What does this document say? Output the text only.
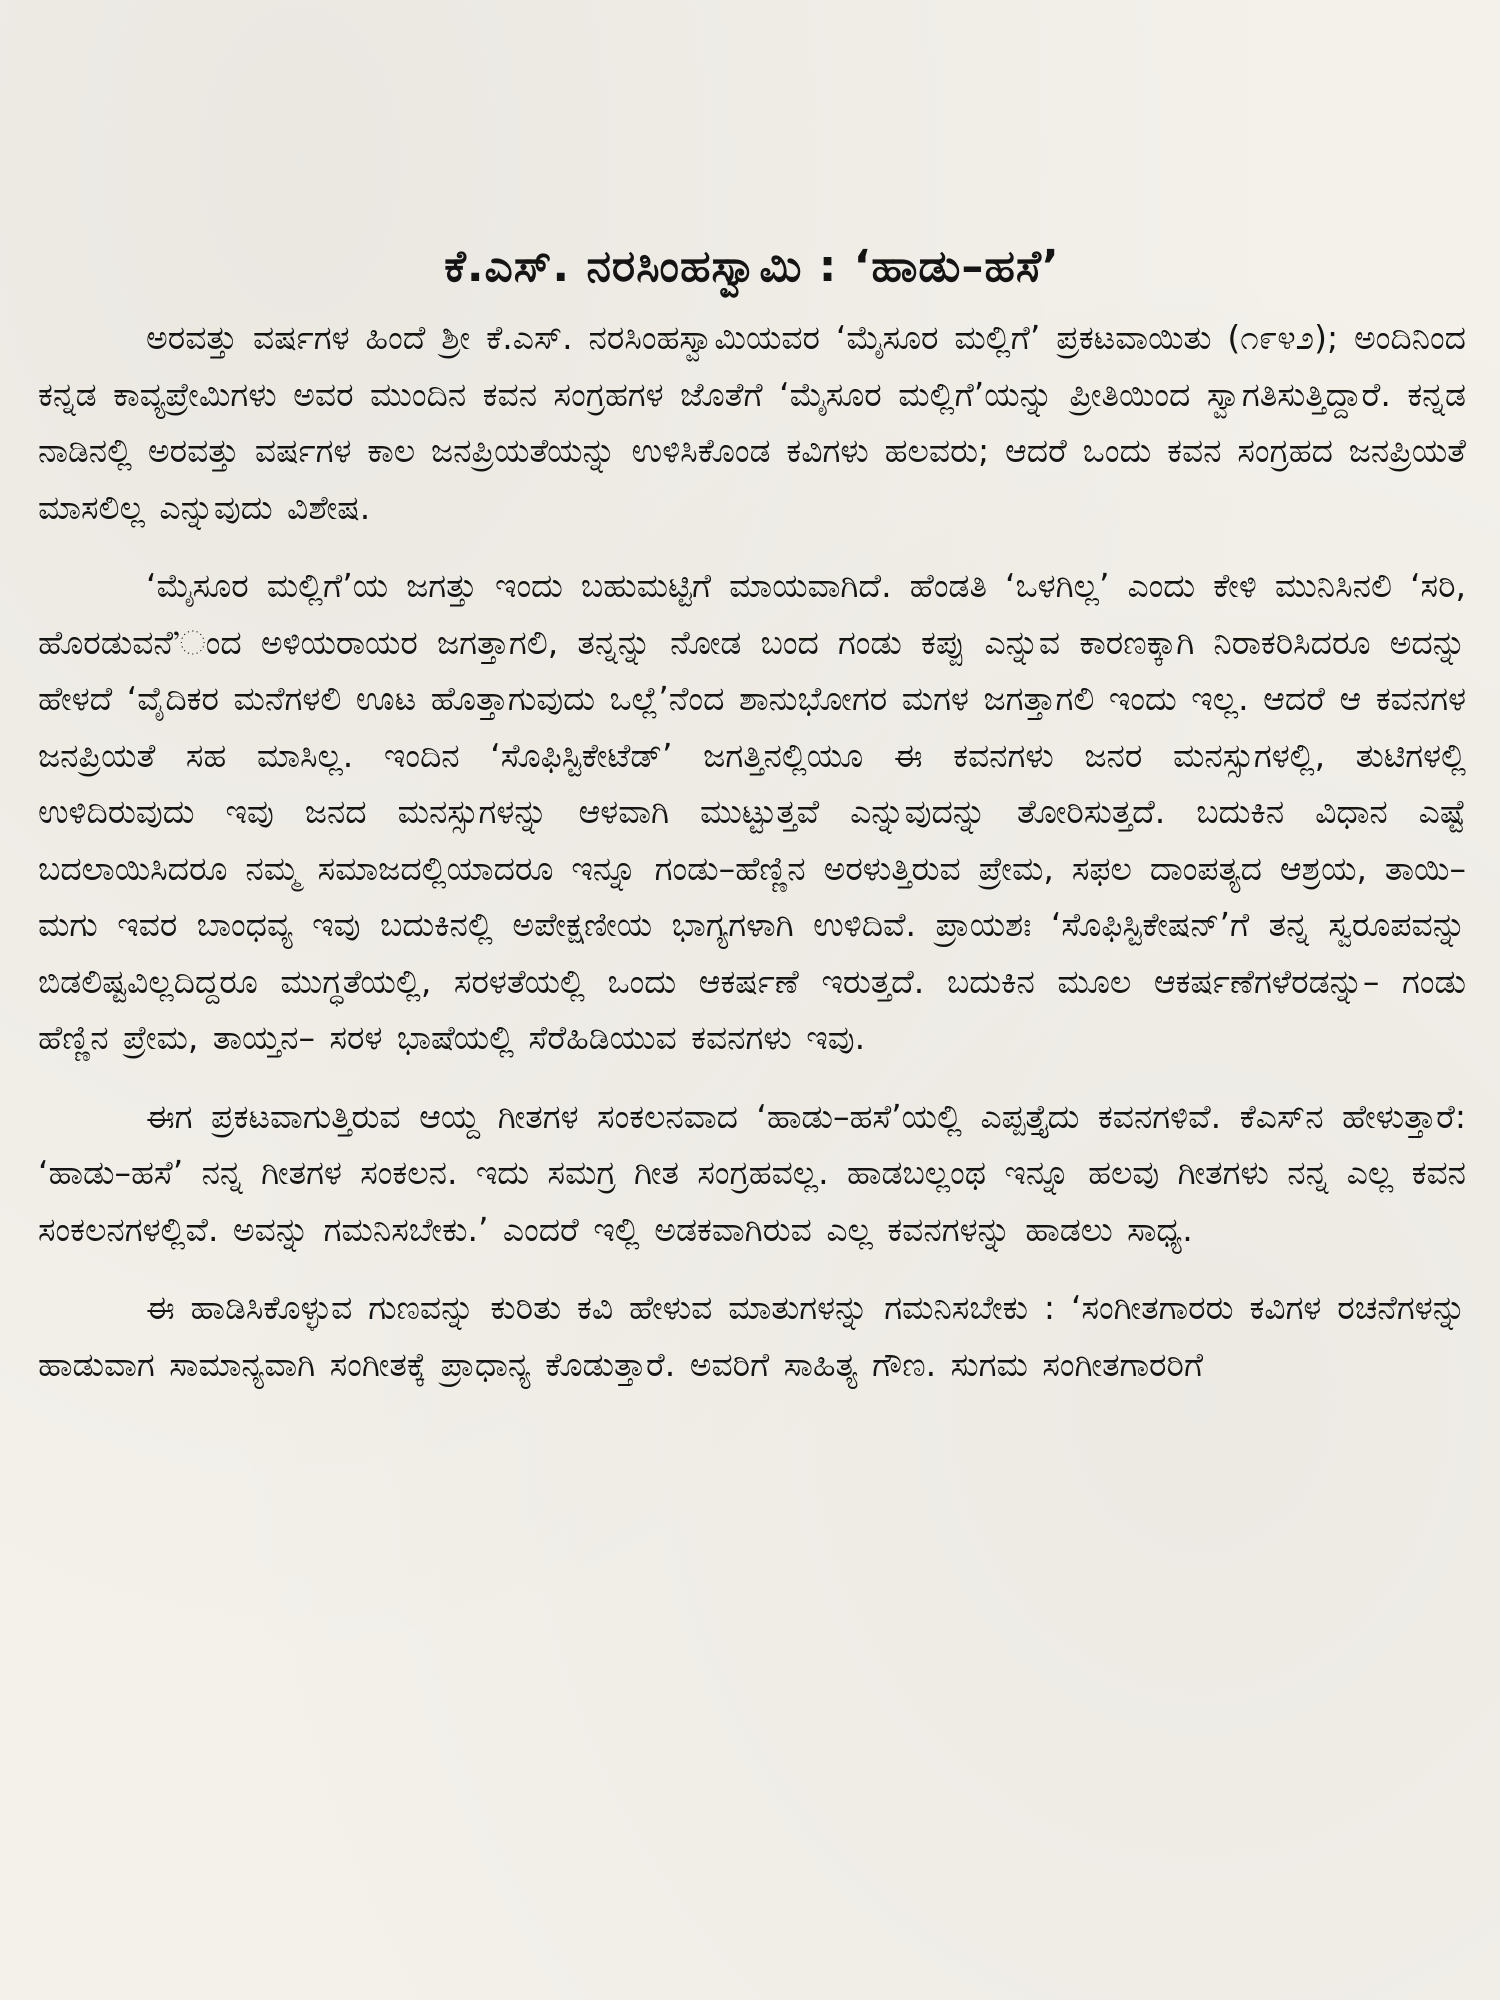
ಕೆ.ಎಸ್. ನರಸಿಂಹಸ್ವಾಮಿ : ‘ಹಾಡು–ಹಸೆ’

ಅರವತ್ತು ವರ್ಷಗಳ ಹಿಂದೆ ಶ್ರೀ ಕೆ.ಎಸ್. ನರಸಿಂಹಸ್ವಾಮಿಯವರ ‘ಮೈಸೂರ ಮಲ್ಲಿಗೆ’ ಪ್ರಕಟವಾಯಿತು (೧೯೪೨); ಅಂದಿನಿಂದ ಕನ್ನಡ ಕಾವ್ಯಪ್ರೇಮಿಗಳು ಅವರ ಮುಂದಿನ ಕವನ ಸಂಗ್ರಹಗಳ ಜೊತೆಗೆ ‘ಮೈಸೂರ ಮಲ್ಲಿಗೆ’ಯನ್ನು ಪ್ರೀತಿಯಿಂದ ಸ್ವಾಗತಿಸುತ್ತಿದ್ದಾರೆ. ಕನ್ನಡ ನಾಡಿನಲ್ಲಿ ಅರವತ್ತು ವರ್ಷಗಳ ಕಾಲ ಜನಪ್ರಿಯತೆಯನ್ನು ಉಳಿಸಿಕೊಂಡ ಕವಿಗಳು ಹಲವರು; ಆದರೆ ಒಂದು ಕವನ ಸಂಗ್ರಹದ ಜನಪ್ರಿಯತೆ ಮಾಸಲಿಲ್ಲ ಎನ್ನುವುದು ವಿಶೇಷ.

‘ಮೈಸೂರ ಮಲ್ಲಿಗೆ’ಯ ಜಗತ್ತು ಇಂದು ಬಹುಮಟ್ಟಿಗೆ ಮಾಯವಾಗಿದೆ. ಹೆಂಡತಿ ‘ಒಳಗಿಲ್ಲ’ ಎಂದು ಕೇಳಿ ಮುನಿಸಿನಲಿ ‘ಸರಿ, ಹೊರಡುವನೆ’ಂದ ಅಳಿಯರಾಯರ ಜಗತ್ತಾಗಲಿ, ತನ್ನನ್ನು ನೋಡ ಬಂದ ಗಂಡು ಕಪ್ಪು ಎನ್ನುವ ಕಾರಣಕ್ಕಾಗಿ ನಿರಾಕರಿಸಿದರೂ ಅದನ್ನು ಹೇಳದೆ ‘ವೈದಿಕರ ಮನೆಗಳಲಿ ಊಟ ಹೊತ್ತಾಗುವುದು ಒಲ್ಲೆ’ನೆಂದ ಶಾನುಭೋಗರ ಮಗಳ ಜಗತ್ತಾಗಲಿ ಇಂದು ಇಲ್ಲ. ಆದರೆ ಆ ಕವನಗಳ ಜನಪ್ರಿಯತೆ ಸಹ ಮಾಸಿಲ್ಲ. ಇಂದಿನ ‘ಸೊಫಿಸ್ಟಿಕೇಟೆಡ್’ ಜಗತ್ತಿನಲ್ಲಿಯೂ ಈ ಕವನಗಳು ಜನರ ಮನಸ್ಸುಗಳಲ್ಲಿ, ತುಟಿಗಳಲ್ಲಿ ಉಳಿದಿರುವುದು ಇವು ಜನದ ಮನಸ್ಸುಗಳನ್ನು ಆಳವಾಗಿ ಮುಟ್ಟುತ್ತವೆ ಎನ್ನುವುದನ್ನು ತೋರಿಸುತ್ತದೆ. ಬದುಕಿನ ವಿಧಾನ ಎಷ್ಟೆ ಬದಲಾಯಿಸಿದರೂ ನಮ್ಮ ಸಮಾಜದಲ್ಲಿಯಾದರೂ ಇನ್ನೂ ಗಂಡು–ಹೆಣ್ಣಿನ ಅರಳುತ್ತಿರುವ ಪ್ರೇಮ, ಸಫಲ ದಾಂಪತ್ಯದ ಆಶ್ರಯ, ತಾಯಿ–ಮಗು ಇವರ ಬಾಂಧವ್ಯ ಇವು ಬದುಕಿನಲ್ಲಿ ಅಪೇಕ್ಷಣೀಯ ಭಾಗ್ಯಗಳಾಗಿ ಉಳಿದಿವೆ. ಪ್ರಾಯಶಃ ‘ಸೊಫಿಸ್ಟಿಕೇಷನ್’ಗೆ ತನ್ನ ಸ್ವರೂಪವನ್ನು ಬಿಡಲಿಷ್ಟವಿಲ್ಲದಿದ್ದರೂ ಮುಗ್ಧತೆಯಲ್ಲಿ, ಸರಳತೆಯಲ್ಲಿ ಒಂದು ಆಕರ್ಷಣೆ ಇರುತ್ತದೆ. ಬದುಕಿನ ಮೂಲ ಆಕರ್ಷಣೆಗಳೆರಡನ್ನು– ಗಂಡು ಹೆಣ್ಣಿನ ಪ್ರೇಮ, ತಾಯ್ತನ– ಸರಳ ಭಾಷೆಯಲ್ಲಿ ಸೆರೆಹಿಡಿಯುವ ಕವನಗಳು ಇವು.

ಈಗ ಪ್ರಕಟವಾಗುತ್ತಿರುವ ಆಯ್ದ ಗೀತಗಳ ಸಂಕಲನವಾದ ‘ಹಾಡು–ಹಸೆ’ಯಲ್ಲಿ ಎಪ್ಪತ್ತೈದು ಕವನಗಳಿವೆ. ಕೆಎಸ್‌ನ ಹೇಳುತ್ತಾರೆ: ‘ಹಾಡು–ಹಸೆ’ ನನ್ನ ಗೀತಗಳ ಸಂಕಲನ. ಇದು ಸಮಗ್ರ ಗೀತ ಸಂಗ್ರಹವಲ್ಲ. ಹಾಡಬಲ್ಲಂಥ ಇನ್ನೂ ಹಲವು ಗೀತಗಳು ನನ್ನ ಎಲ್ಲ ಕವನ ಸಂಕಲನಗಳಲ್ಲಿವೆ. ಅವನ್ನು ಗಮನಿಸಬೇಕು.’ ಎಂದರೆ ಇಲ್ಲಿ ಅಡಕವಾಗಿರುವ ಎಲ್ಲ ಕವನಗಳನ್ನು ಹಾಡಲು ಸಾಧ್ಯ.

ಈ ಹಾಡಿಸಿಕೊಳ್ಳುವ ಗುಣವನ್ನು ಕುರಿತು ಕವಿ ಹೇಳುವ ಮಾತುಗಳನ್ನು ಗಮನಿಸಬೇಕು : ‘ಸಂಗೀತಗಾರರು ಕವಿಗಳ ರಚನೆಗಳನ್ನು ಹಾಡುವಾಗ ಸಾಮಾನ್ಯವಾಗಿ ಸಂಗೀತಕ್ಕೆ ಪ್ರಾಧಾನ್ಯ ಕೊಡುತ್ತಾರೆ. ಅವರಿಗೆ ಸಾಹಿತ್ಯ ಗೌಣ. ಸುಗಮ ಸಂಗೀತಗಾರರಿಗೆ
